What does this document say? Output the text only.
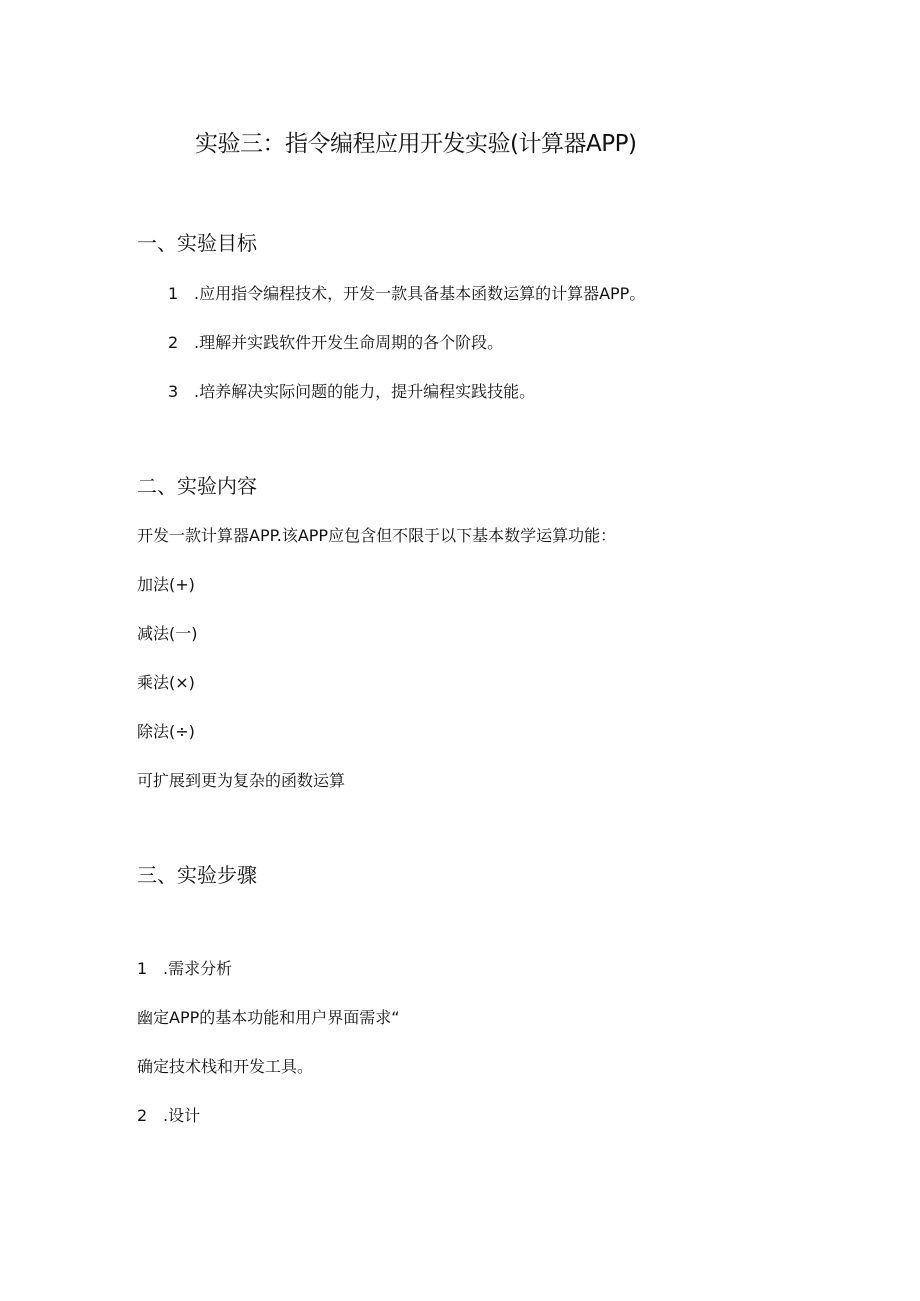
实验三：指令编程应用开发实验(计算器APP)
一、实验目标
1 .应用指令编程技术，开发一款具备基本函数运算的计算器APP。
2 .理解并实践软件开发生命周期的各个阶段。
3 .培养解决实际问题的能力，提升编程实践技能。
二、实验内容
开发一款计算器APP.该APP应包含但不限于以下基本数学运算功能：
加法(+)
减法(一)
乘法(×)
除法(÷)
可扩展到更为复杂的函数运算
三、实验步骤
1 .需求分析
幽定APP的基本功能和用户界面需求“
确定技术栈和开发工具。
2 .设计
